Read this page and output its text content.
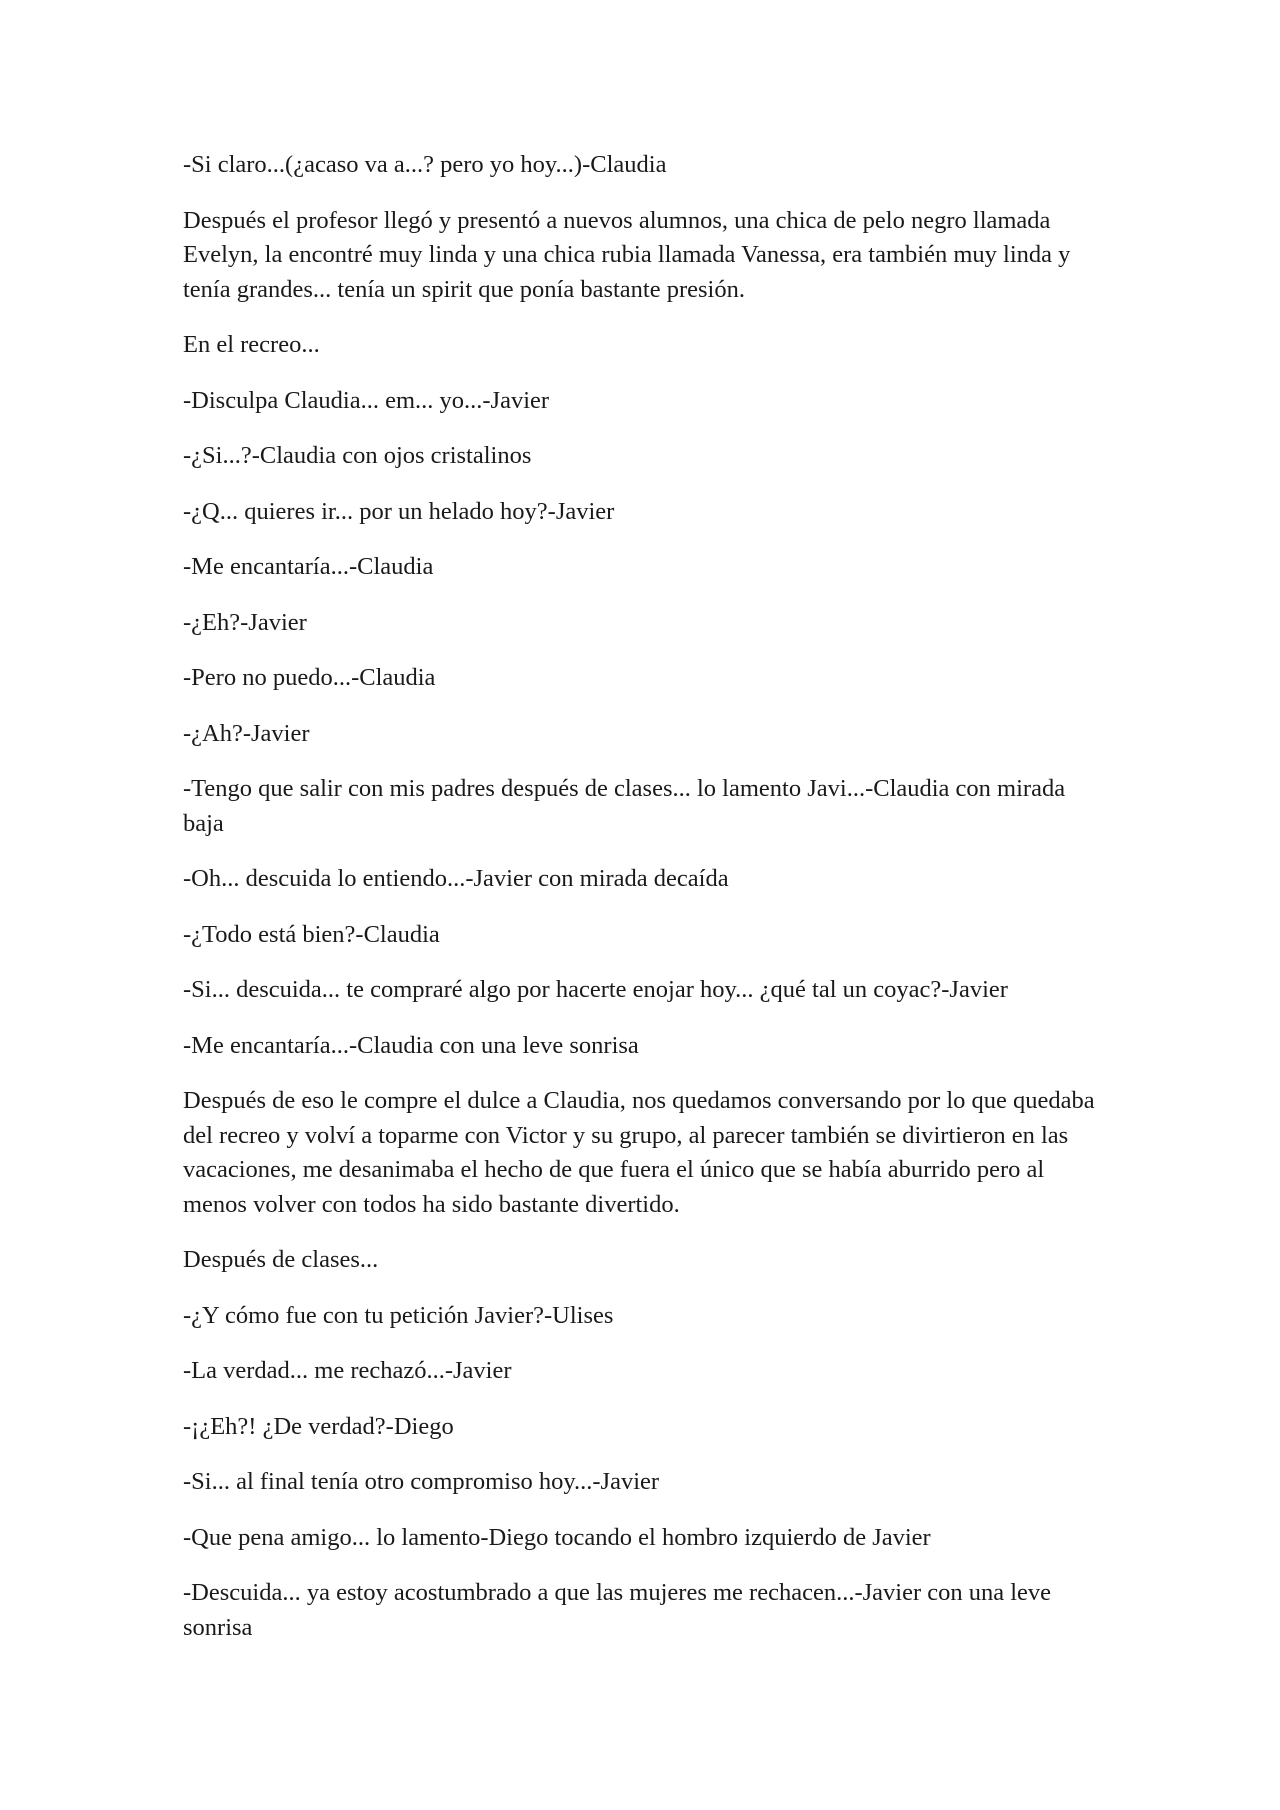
-Si claro...(¿acaso va a...? pero yo hoy...)-Claudia

Después el profesor llegó y presentó a nuevos alumnos, una chica de pelo negro llamada Evelyn, la encontré muy linda y una chica rubia llamada Vanessa, era también muy linda y tenía grandes... tenía un spirit que ponía bastante presión.

En el recreo...

-Disculpa Claudia... em... yo...-Javier

-¿Si...?-Claudia con ojos cristalinos

-¿Q... quieres ir... por un helado hoy?-Javier

-Me encantaría...-Claudia

-¿Eh?-Javier

-Pero no puedo...-Claudia

-¿Ah?-Javier

-Tengo que salir con mis padres después de clases... lo lamento Javi...-Claudia con mirada baja

-Oh... descuida lo entiendo...-Javier con mirada decaída

-¿Todo está bien?-Claudia

-Si... descuida... te compraré algo por hacerte enojar hoy... ¿qué tal un coyac?-Javier

-Me encantaría...-Claudia con una leve sonrisa

Después de eso le compre el dulce a Claudia, nos quedamos conversando por lo que quedaba del recreo y volví a toparme con Victor y su grupo, al parecer también se divirtieron en las vacaciones, me desanimaba el hecho de que fuera el único que se había aburrido pero al menos volver con todos ha sido bastante divertido.

Después de clases...

-¿Y cómo fue con tu petición Javier?-Ulises

-La verdad... me rechazó...-Javier

-¡¿Eh?! ¿De verdad?-Diego

-Si... al final tenía otro compromiso hoy...-Javier

-Que pena amigo... lo lamento-Diego tocando el hombro izquierdo de Javier

-Descuida... ya estoy acostumbrado a que las mujeres me rechacen...-Javier con una leve sonrisa
